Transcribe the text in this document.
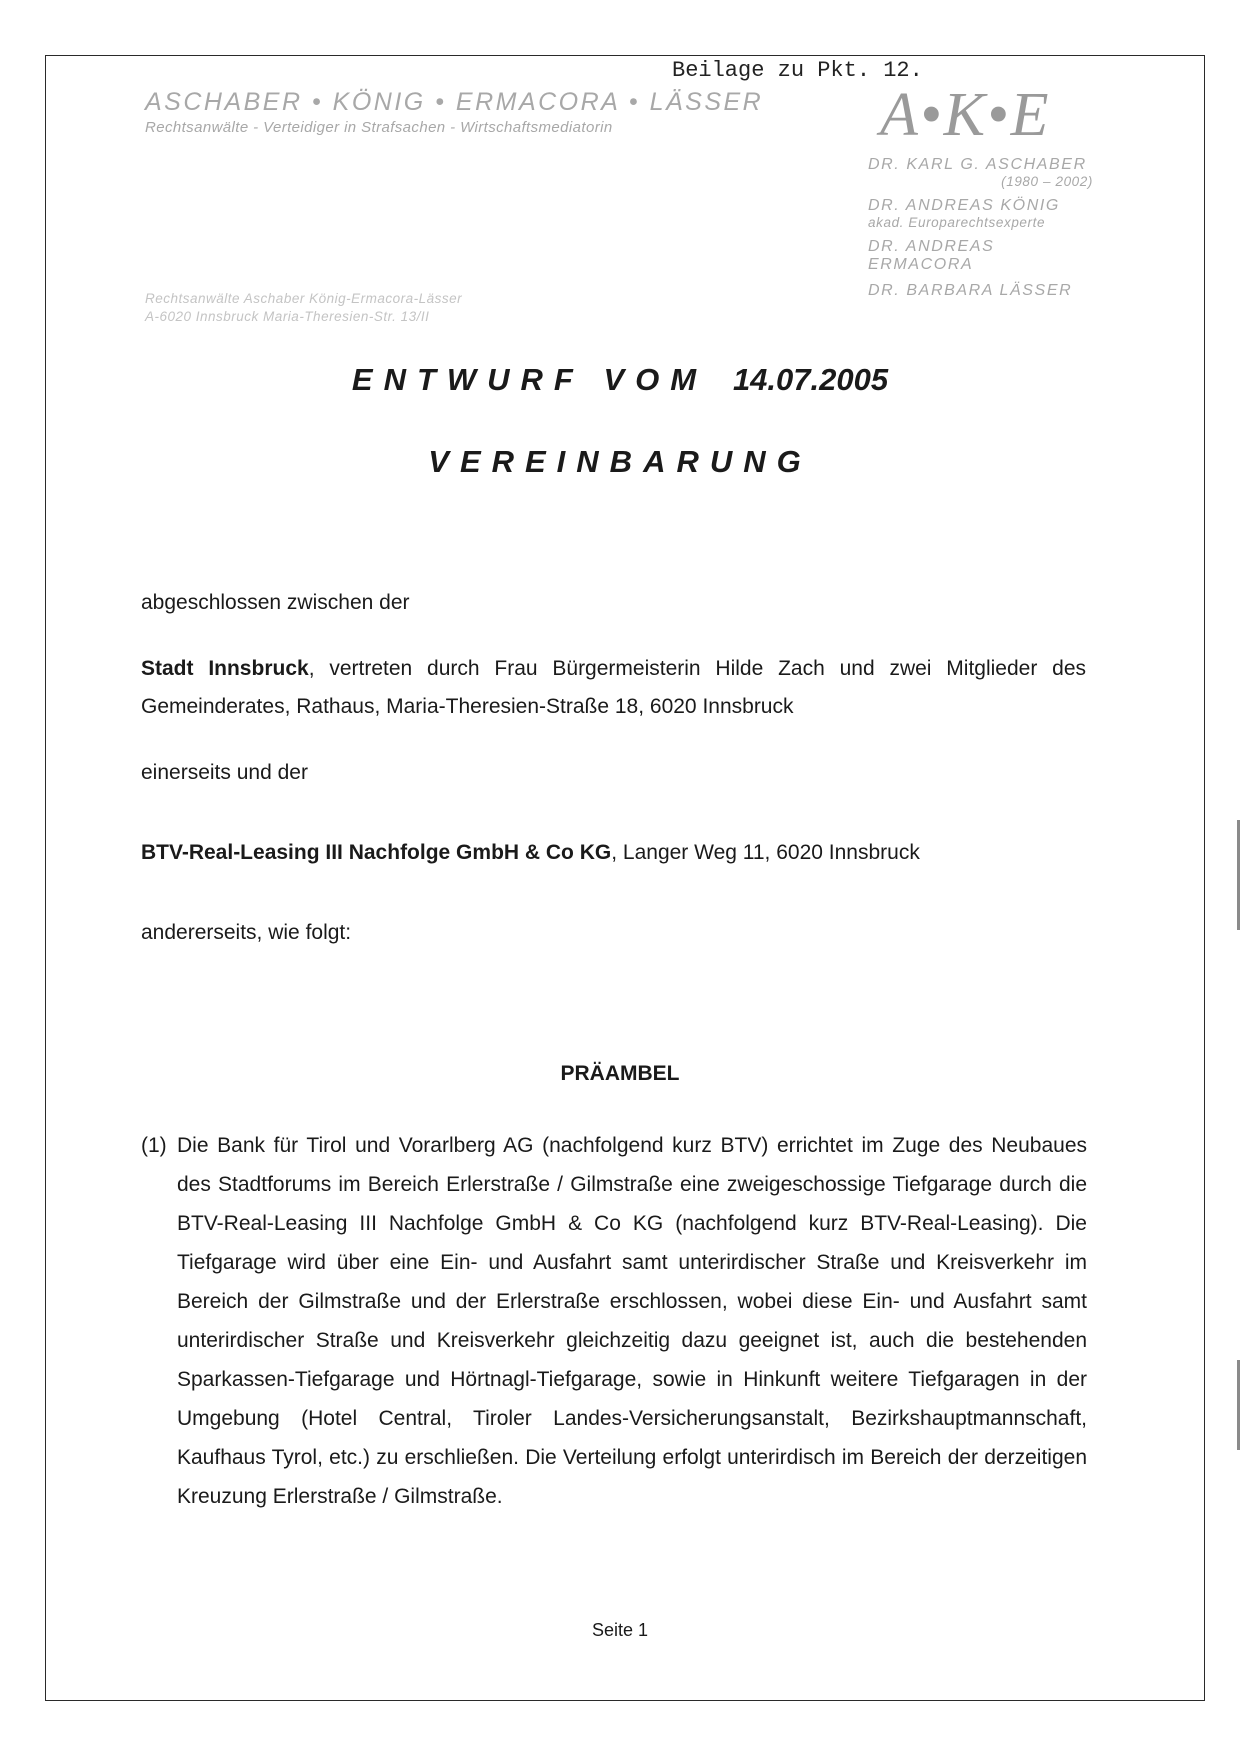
Beilage zu Pkt. 12.
ASCHABER • KÖNIG • ERMACORA • LÄSSER
Rechtsanwälte - Verteidiger in Strafsachen - Wirtschaftsmediatorin	A•K•E
DR. KARL G. ASCHABER
(1980 – 2002)
DR. ANDREAS KÖNIG
akad. Europarechtsexperte
DR. ANDREAS ERMACORA
DR. BARBARA LÄSSER
Rechtsanwälte Aschaber König-Ermacora-Lässer
A-6020 Innsbruck Maria-Theresien-Str. 13/II
ENTWURF VOM 14.07.2005
VEREINBARUNG
abgeschlossen zwischen der
Stadt Innsbruck, vertreten durch Frau Bürgermeisterin Hilde Zach und zwei Mitglieder des Gemeinderates, Rathaus, Maria-Theresien-Straße 18, 6020 Innsbruck
einerseits und der
BTV-Real-Leasing III Nachfolge GmbH & Co KG, Langer Weg 11, 6020 Innsbruck
andererseits, wie folgt:
PRÄAMBEL
(1) Die Bank für Tirol und Vorarlberg AG (nachfolgend kurz BTV) errichtet im Zuge des Neubaues des Stadtforums im Bereich Erlerstraße / Gilmstraße eine zweigeschossige Tiefgarage durch die BTV-Real-Leasing III Nachfolge GmbH & Co KG (nachfolgend kurz BTV-Real-Leasing). Die Tiefgarage wird über eine Ein- und Ausfahrt samt unterirdischer Straße und Kreisverkehr im Bereich der Gilmstraße und der Erlerstraße erschlossen, wobei diese Ein- und Ausfahrt samt unterirdischer Straße und Kreisverkehr gleichzeitig dazu geeignet ist, auch die bestehenden Sparkassen-Tiefgarage und Hörtnagl-Tiefgarage, sowie in Hinkunft weitere Tiefgaragen in der Umgebung (Hotel Central, Tiroler Landes-Versicherungsanstalt, Bezirkshauptmannschaft, Kaufhaus Tyrol, etc.) zu erschließen. Die Verteilung erfolgt unterirdisch im Bereich der derzeitigen Kreuzung Erlerstraße / Gilmstraße.
Seite 1
